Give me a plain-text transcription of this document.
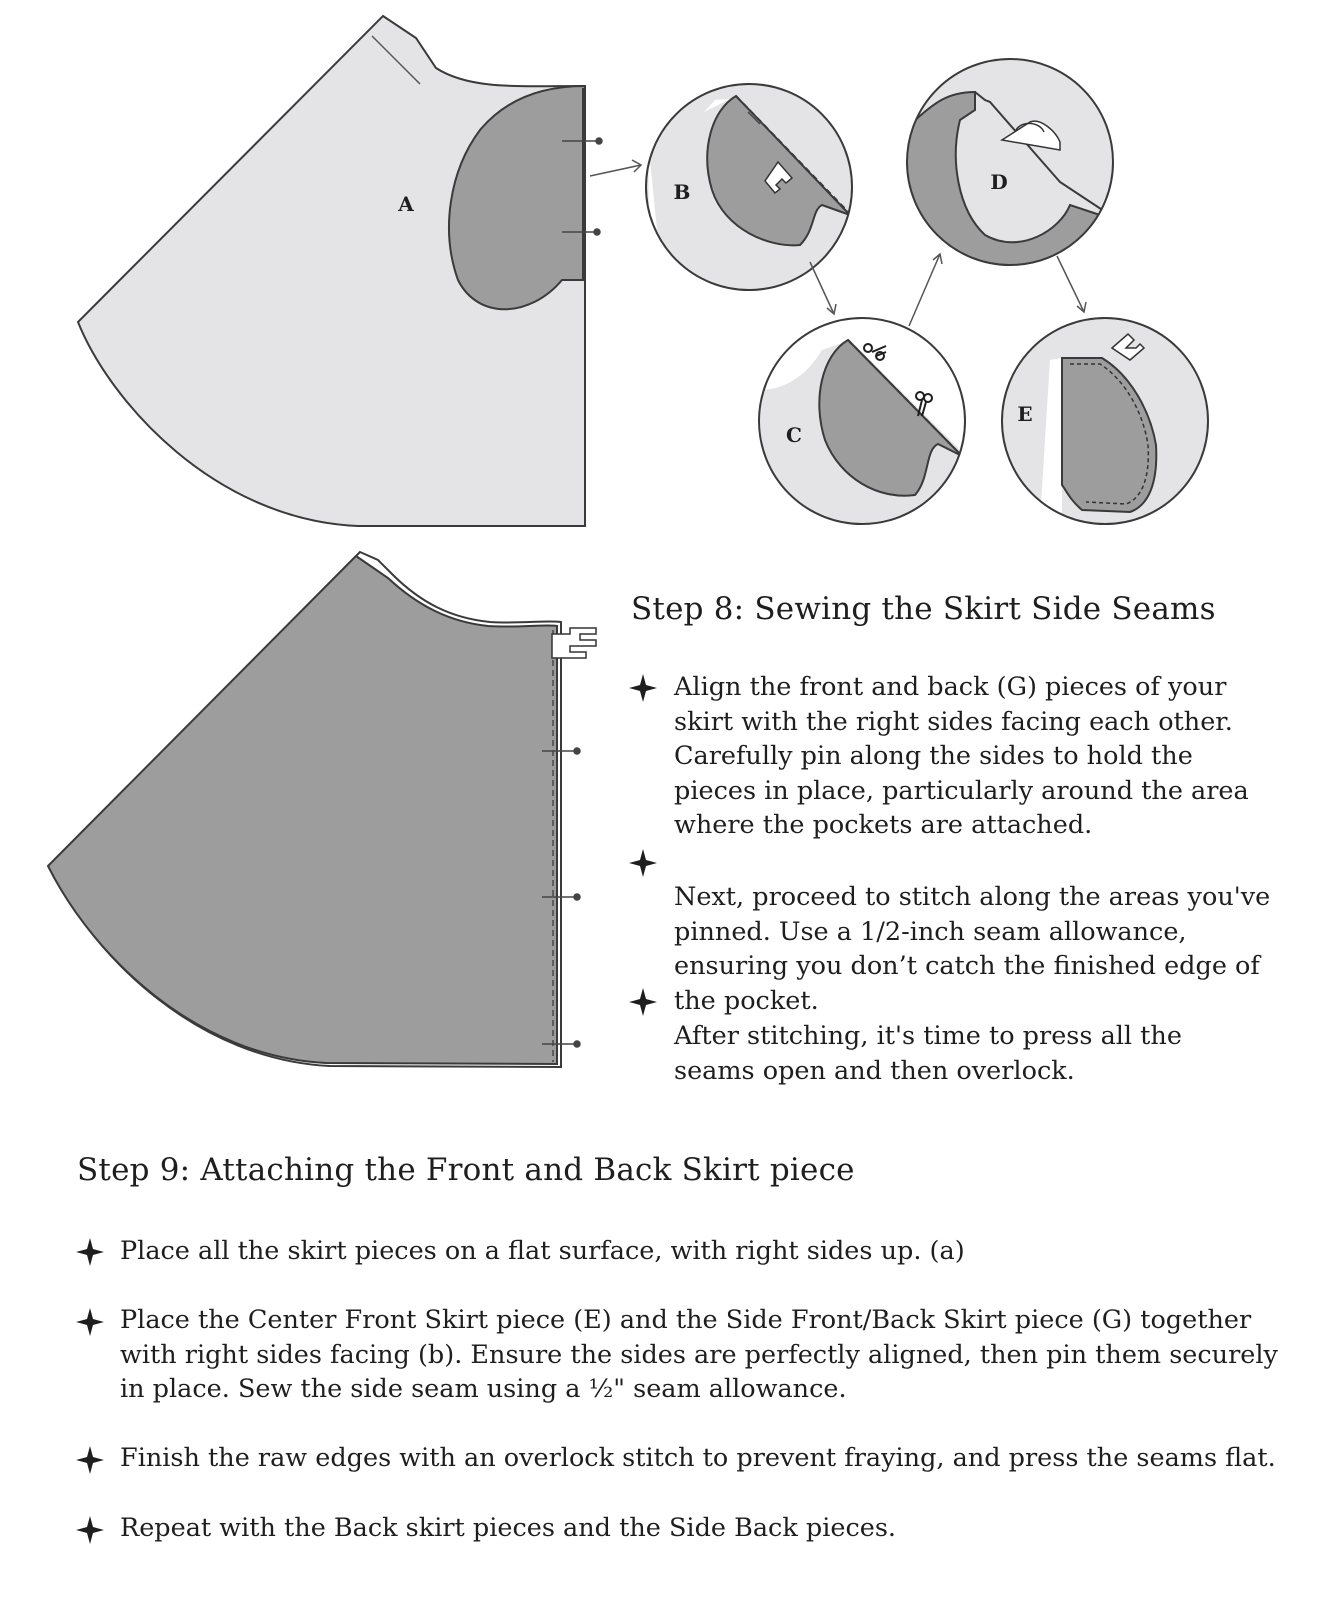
A	B
C
D
E
Step 8: Sewing the Skirt Side Seams

Align the front and back (G) pieces of your skirt with the right sides facing each other. Carefully pin along the sides to hold the pieces in place, particularly around the area where the pockets are attached.

Next, proceed to stitch along the areas you've pinned. Use a 1/2-inch seam allowance, ensuring you don’t catch the finished edge of the pocket.

After stitching, it's time to press all the seams open and then overlock.

Step 9: Attaching the Front and Back Skirt piece

Place all the skirt pieces on a flat surface, with right sides up. (a)

Place the Center Front Skirt piece (E) and the Side Front/Back Skirt piece (G) together with right sides facing (b). Ensure the sides are perfectly aligned, then pin them securely in place. Sew the side seam using a ½" seam allowance.

Finish the raw edges with an overlock stitch to prevent fraying, and press the seams flat.

Repeat with the Back skirt pieces and the Side Back pieces.
